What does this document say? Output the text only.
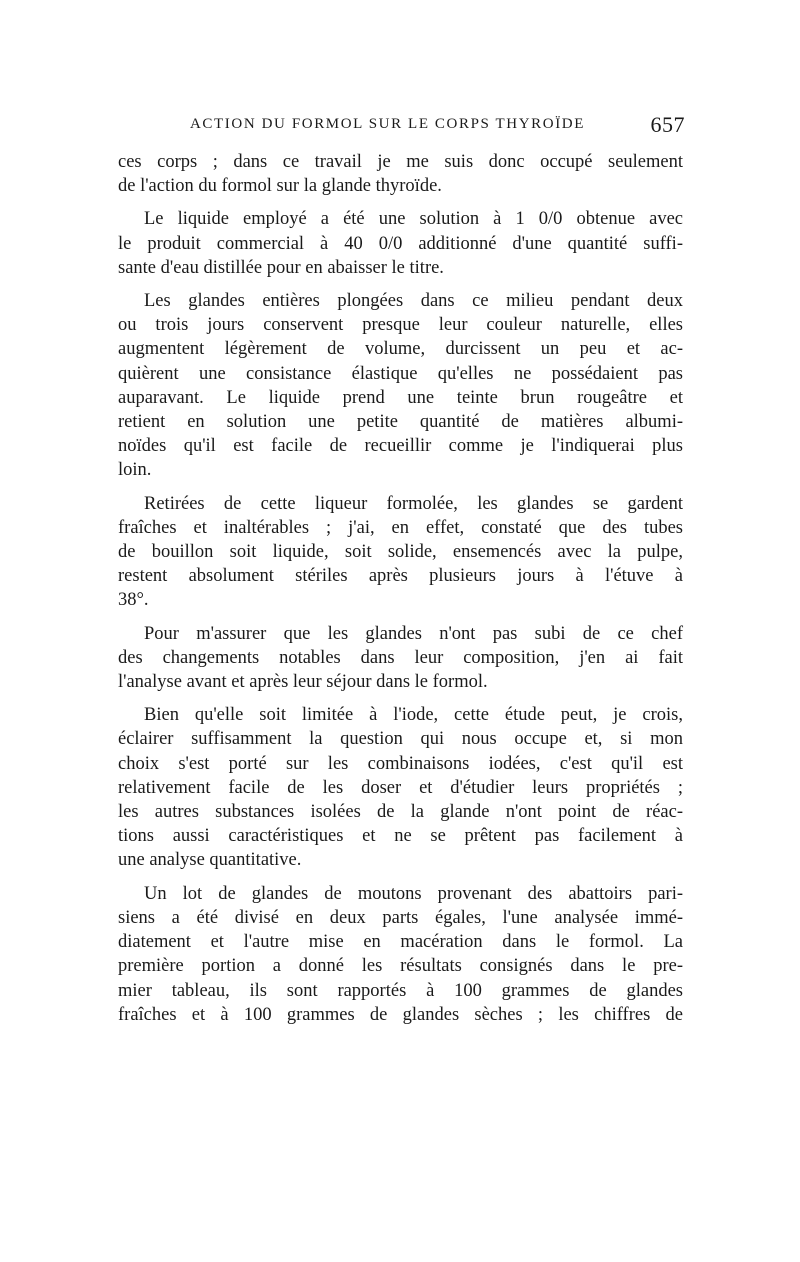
ACTION DU FORMOL SUR LE CORPS THYROÏDE	657
ces corps ; dans ce travail je me suis donc occupé seulement
de l'action du formol sur la glande thyroïde.
Le liquide employé a été une solution à 1 0/0 obtenue avec
le produit commercial à 40 0/0 additionné d'une quantité suffi-
sante d'eau distillée pour en abaisser le titre.
Les glandes entières plongées dans ce milieu pendant deux
ou trois jours conservent presque leur couleur naturelle, elles
augmentent légèrement de volume, durcissent un peu et ac-
quièrent une consistance élastique qu'elles ne possédaient pas
auparavant. Le liquide prend une teinte brun rougeâtre et
retient en solution une petite quantité de matières albumi-
noïdes qu'il est facile de recueillir comme je l'indiquerai plus
loin.
Retirées de cette liqueur formolée, les glandes se gardent
fraîches et inaltérables ; j'ai, en effet, constaté que des tubes
de bouillon soit liquide, soit solide, ensemencés avec la pulpe,
restent absolument stériles après plusieurs jours à l'étuve à
38°.
Pour m'assurer que les glandes n'ont pas subi de ce chef
des changements notables dans leur composition, j'en ai fait
l'analyse avant et après leur séjour dans le formol.
Bien qu'elle soit limitée à l'iode, cette étude peut, je crois,
éclairer suffisamment la question qui nous occupe et, si mon
choix s'est porté sur les combinaisons iodées, c'est qu'il est
relativement facile de les doser et d'étudier leurs propriétés ;
les autres substances isolées de la glande n'ont point de réac-
tions aussi caractéristiques et ne se prêtent pas facilement à
une analyse quantitative.
Un lot de glandes de moutons provenant des abattoirs pari-
siens a été divisé en deux parts égales, l'une analysée immé-
diatement et l'autre mise en macération dans le formol. La
première portion a donné les résultats consignés dans le pre-
mier tableau, ils sont rapportés à 100 grammes de glandes
fraîches et à 100 grammes de glandes sèches ; les chiffres de
